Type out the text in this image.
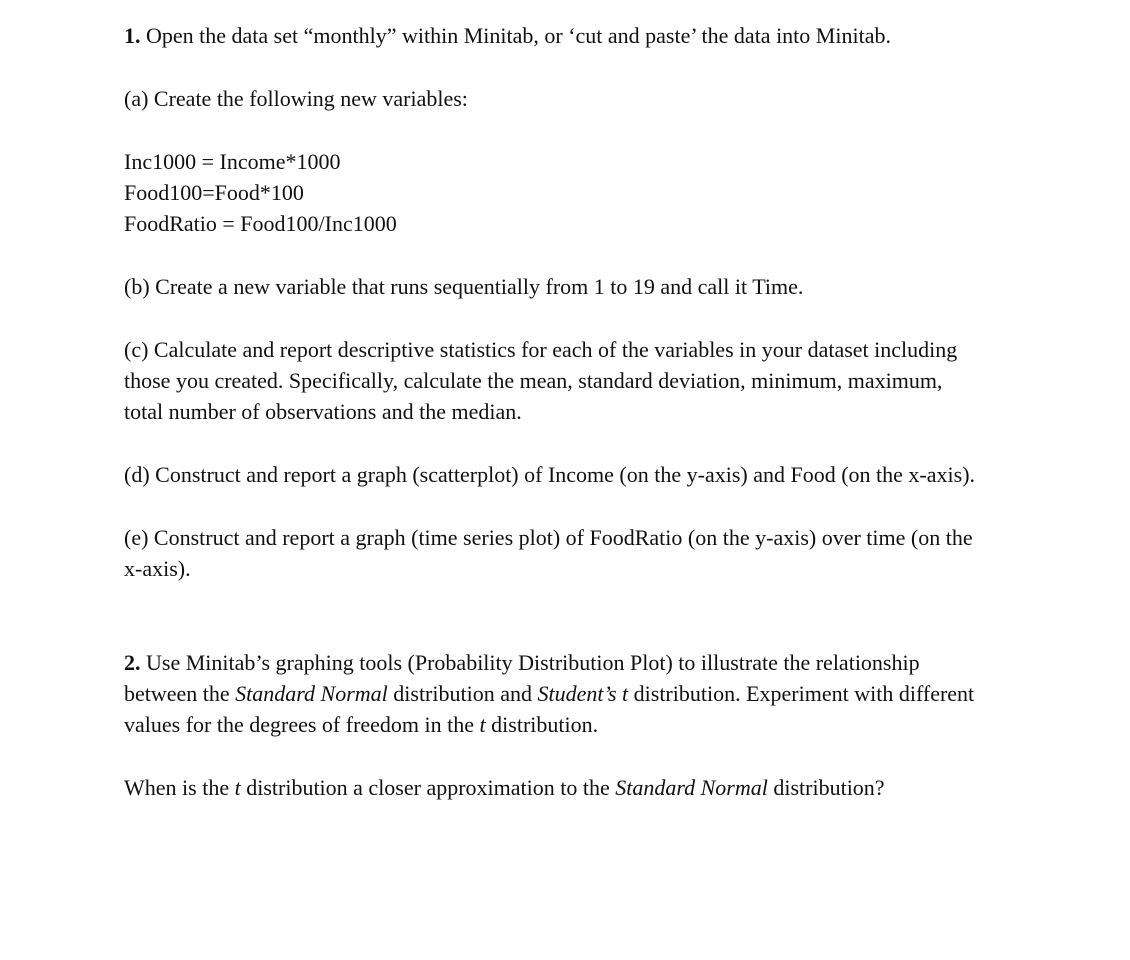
1. Open the data set “monthly” within Minitab, or ‘cut and paste’ the data into Minitab.

(a) Create the following new variables:

Inc1000 = Income*1000

Food100=Food*100

FoodRatio = Food100/Inc1000

(b) Create a new variable that runs sequentially from 1 to 19 and call it Time.

(c) Calculate and report descriptive statistics for each of the variables in your dataset including

those you created. Specifically, calculate the mean, standard deviation, minimum, maximum,

total number of observations and the median.

(d) Construct and report a graph (scatterplot) of Income (on the y-axis) and Food (on the x-axis).

(e) Construct and report a graph (time series plot) of FoodRatio (on the y-axis) over time (on the

x-axis).

2. Use Minitab’s graphing tools (Probability Distribution Plot) to illustrate the relationship

between the Standard Normal distribution and Student’s t distribution. Experiment with different

values for the degrees of freedom in the t distribution.

When is the t distribution a closer approximation to the Standard Normal distribution?
